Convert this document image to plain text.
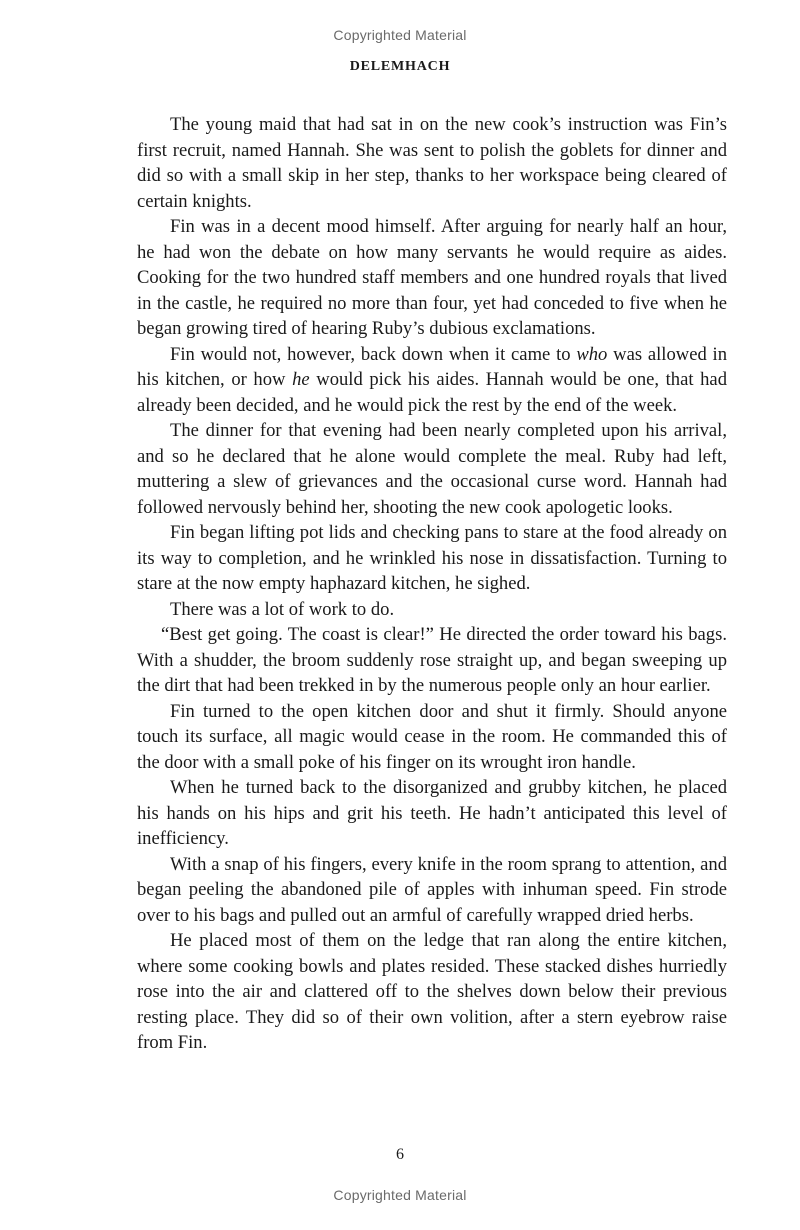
Copyrighted Material
DELEMHACH

The young maid that had sat in on the new cook’s instruction was Fin’s first recruit, named Hannah. She was sent to polish the goblets for dinner and did so with a small skip in her step, thanks to her workspace being cleared of certain knights.

Fin was in a decent mood himself. After arguing for nearly half an hour, he had won the debate on how many servants he would require as aides. Cooking for the two hundred staff members and one hundred royals that lived in the castle, he required no more than four, yet had conceded to five when he began growing tired of hearing Ruby’s dubious exclamations.

Fin would not, however, back down when it came to who was allowed in his kitchen, or how he would pick his aides. Hannah would be one, that had already been decided, and he would pick the rest by the end of the week.

The dinner for that evening had been nearly completed upon his arrival, and so he declared that he alone would complete the meal. Ruby had left, muttering a slew of grievances and the occasional curse word. Hannah had followed nervously behind her, shooting the new cook apologetic looks.

Fin began lifting pot lids and checking pans to stare at the food already on its way to completion, and he wrinkled his nose in dissatisfaction. Turning to stare at the now empty haphazard kitchen, he sighed.

There was a lot of work to do.

“Best get going. The coast is clear!” He directed the order toward his bags. With a shudder, the broom suddenly rose straight up, and began sweeping up the dirt that had been trekked in by the numerous people only an hour earlier.

Fin turned to the open kitchen door and shut it firmly. Should anyone touch its surface, all magic would cease in the room. He commanded this of the door with a small poke of his finger on its wrought iron handle.

When he turned back to the disorganized and grubby kitchen, he placed his hands on his hips and grit his teeth. He hadn’t anticipated this level of inefficiency.

With a snap of his fingers, every knife in the room sprang to attention, and began peeling the abandoned pile of apples with inhuman speed. Fin strode over to his bags and pulled out an armful of carefully wrapped dried herbs.

He placed most of them on the ledge that ran along the entire kitchen, where some cooking bowls and plates resided. These stacked dishes hurriedly rose into the air and clattered off to the shelves down below their previous resting place. They did so of their own volition, after a stern eyebrow raise from Fin.

6
Copyrighted Material
